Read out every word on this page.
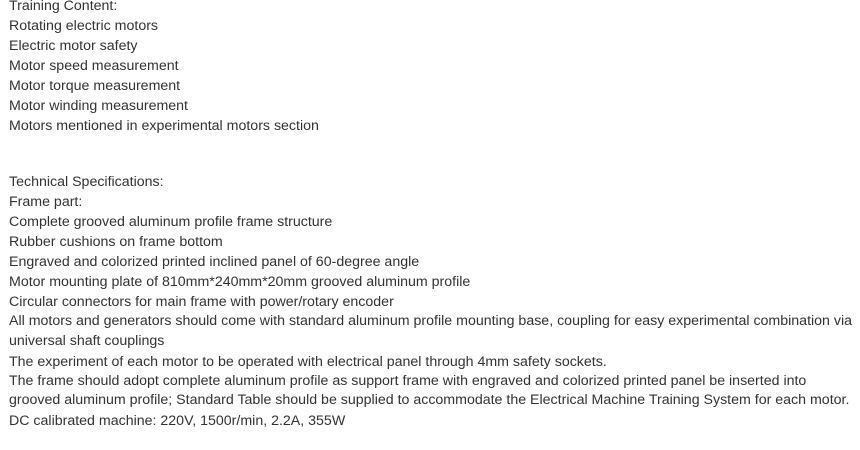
Training Content:
Rotating electric motors
Electric motor safety
Motor speed measurement
Motor torque measurement
Motor winding measurement
Motors mentioned in experimental motors section
Technical Specifications:
Frame part:
Complete grooved aluminum profile frame structure
Rubber cushions on frame bottom
Engraved and colorized printed inclined panel of 60-degree angle
Motor mounting plate of 810mm*240mm*20mm grooved aluminum profile
Circular connectors for main frame with power/rotary encoder
All motors and generators should come with standard aluminum profile mounting base, coupling for easy experimental combination via universal shaft couplings
The experiment of each motor to be operated with electrical panel through 4mm safety sockets.
The frame should adopt complete aluminum profile as support frame with engraved and colorized printed panel be inserted into grooved aluminum profile; Standard Table should be supplied to accommodate the Electrical Machine Training System for each motor.
DC calibrated machine: 220V, 1500r/min, 2.2A, 355W
